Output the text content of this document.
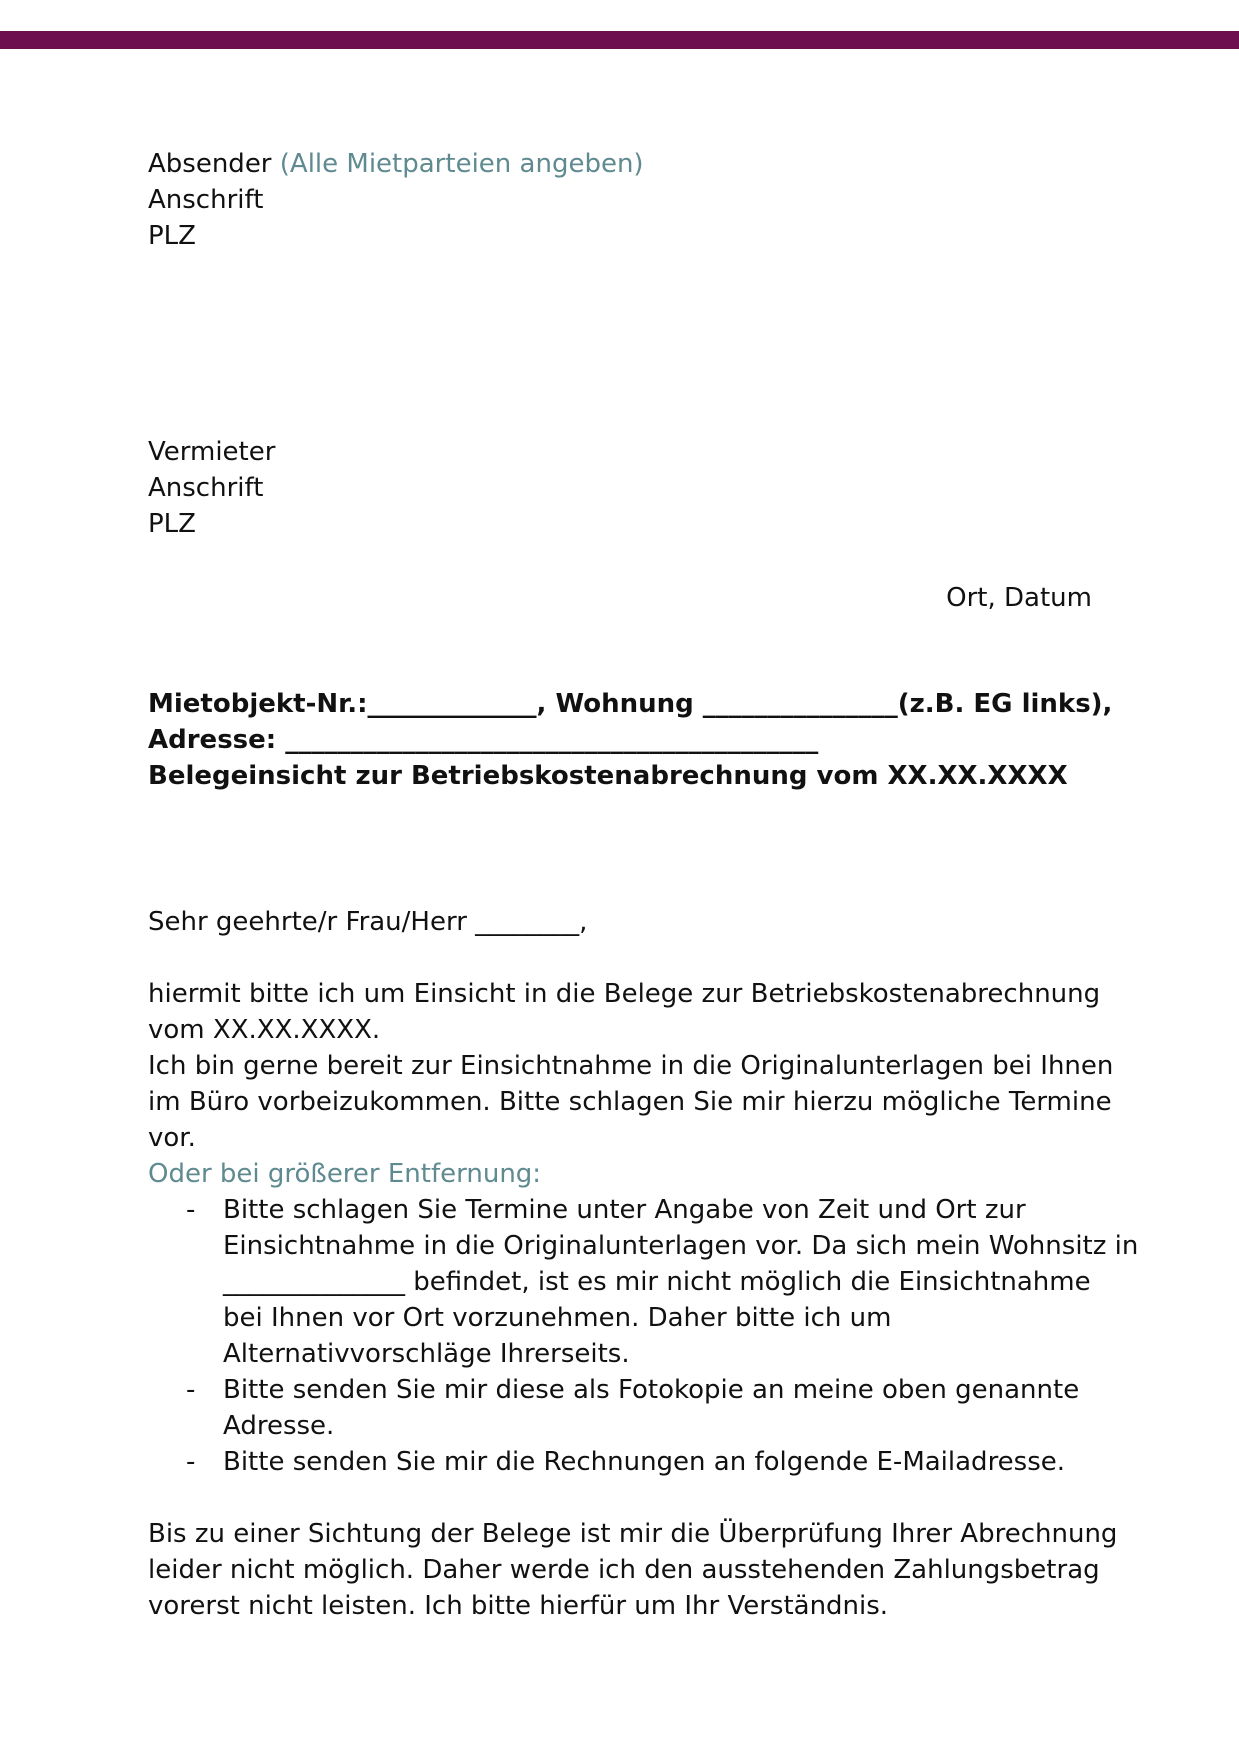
Absender (Alle Mietparteien angeben)
Anschrift
PLZ
Vermieter
Anschrift
PLZ
Ort, Datum
Mietobjekt-Nr.:_____________, Wohnung _______________(z.B. EG links),
Adresse: _________________________________________
Belegeinsicht zur Betriebskostenabrechnung vom XX.XX.XXXX
Sehr geehrte/r Frau/Herr ________,
hiermit bitte ich um Einsicht in die Belege zur Betriebskostenabrechnung
vom XX.XX.XXXX.
Ich bin gerne bereit zur Einsichtnahme in die Originalunterlagen bei Ihnen
im Büro vorbeizukommen. Bitte schlagen Sie mir hierzu mögliche Termine
vor.
Oder bei größerer Entfernung:
- Bitte schlagen Sie Termine unter Angabe von Zeit und Ort zur
Einsichtnahme in die Originalunterlagen vor. Da sich mein Wohnsitz in
______________ befindet, ist es mir nicht möglich die Einsichtnahme
bei Ihnen vor Ort vorzunehmen. Daher bitte ich um
Alternativvorschläge Ihrerseits.
- Bitte senden Sie mir diese als Fotokopie an meine oben genannte
Adresse.
- Bitte senden Sie mir die Rechnungen an folgende E-Mailadresse.
Bis zu einer Sichtung der Belege ist mir die Überprüfung Ihrer Abrechnung
leider nicht möglich. Daher werde ich den ausstehenden Zahlungsbetrag
vorerst nicht leisten. Ich bitte hierfür um Ihr Verständnis.
